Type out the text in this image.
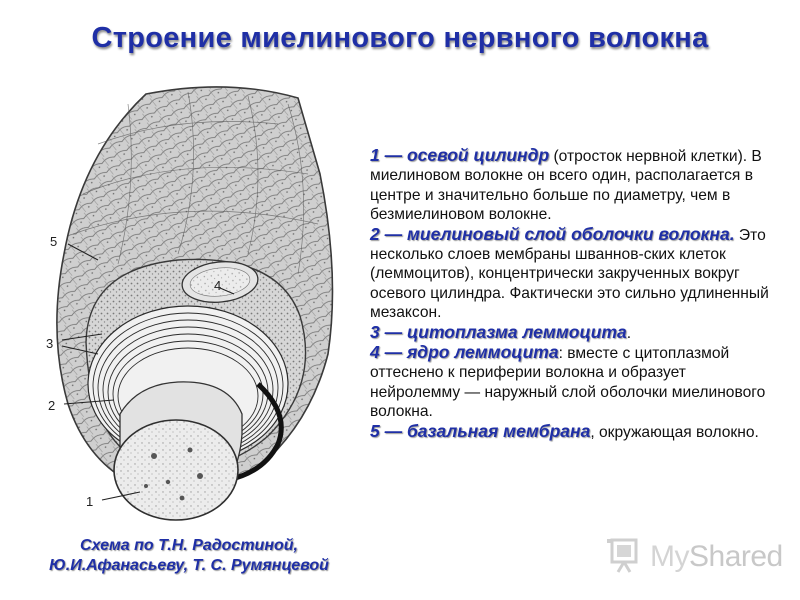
Строение миелинового нервного волокна
5
3
2
1
4
Схема по Т.Н. Радостиной,
Ю.И.Афанасьеву, Т. С. Румянцевой

1 — осевой цилиндр (отросток нервной клетки). В миелиновом волокне он всего один, располагается в центре и значительно больше по диаметру, чем в безмиелиновом волокне.

2 — миелиновый слой оболочки волокна. Это несколько слоев мембраны шваннов-ских клеток (леммоцитов), концентрически закрученных вокруг осевого цилиндра. Фактически это сильно удлиненный мезаксон.

3 — цитоплазма леммоцита.

4 — ядро леммоцита: вместе с цитоплазмой оттеснено к периферии волокна и образует нейролемму — наружный слой оболочки миелинового волокна.

5 — базальная мембрана, окружающая волокно.

MyShared
